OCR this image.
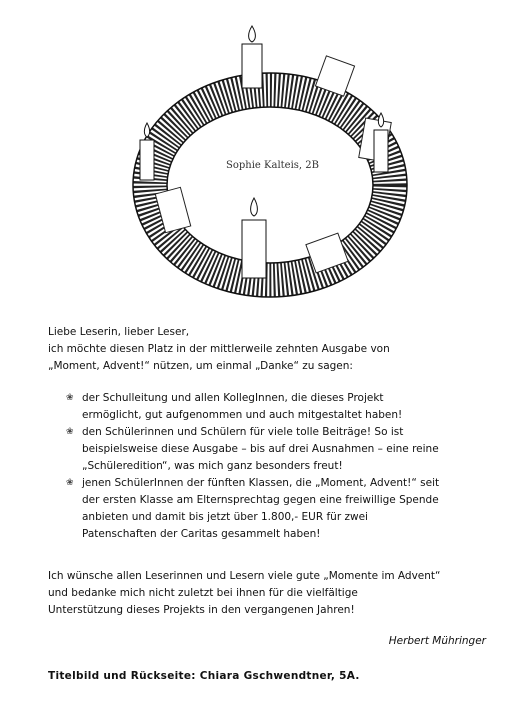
Sophie Kalteis, 2B
Liebe Leserin, lieber Leser,
ich möchte diesen Platz in der mittlerweile zehnten Ausgabe von
„Moment, Advent!“ nützen, um einmal „Danke“ zu sagen:
❀ der Schulleitung und allen KollegInnen, die dieses Projekt
ermöglicht, gut aufgenommen und auch mitgestaltet haben!
❀ den Schülerinnen und Schülern für viele tolle Beiträge! So ist
beispielsweise diese Ausgabe – bis auf drei Ausnahmen – eine reine
„Schüleredition“, was mich ganz besonders freut!
❀ jenen SchülerInnen der fünften Klassen, die „Moment, Advent!“ seit
der ersten Klasse am Elternsprechtag gegen eine freiwillige Spende
anbieten und damit bis jetzt über 1.800,- EUR für zwei
Patenschaften der Caritas gesammelt haben!
Ich wünsche allen Leserinnen und Lesern viele gute „Momente im Advent“
und bedanke mich nicht zuletzt bei ihnen für die vielfältige
Unterstützung dieses Projekts in den vergangenen Jahren!
Herbert Mühringer
Titelbild und Rückseite: Chiara Gschwendtner, 5A.
